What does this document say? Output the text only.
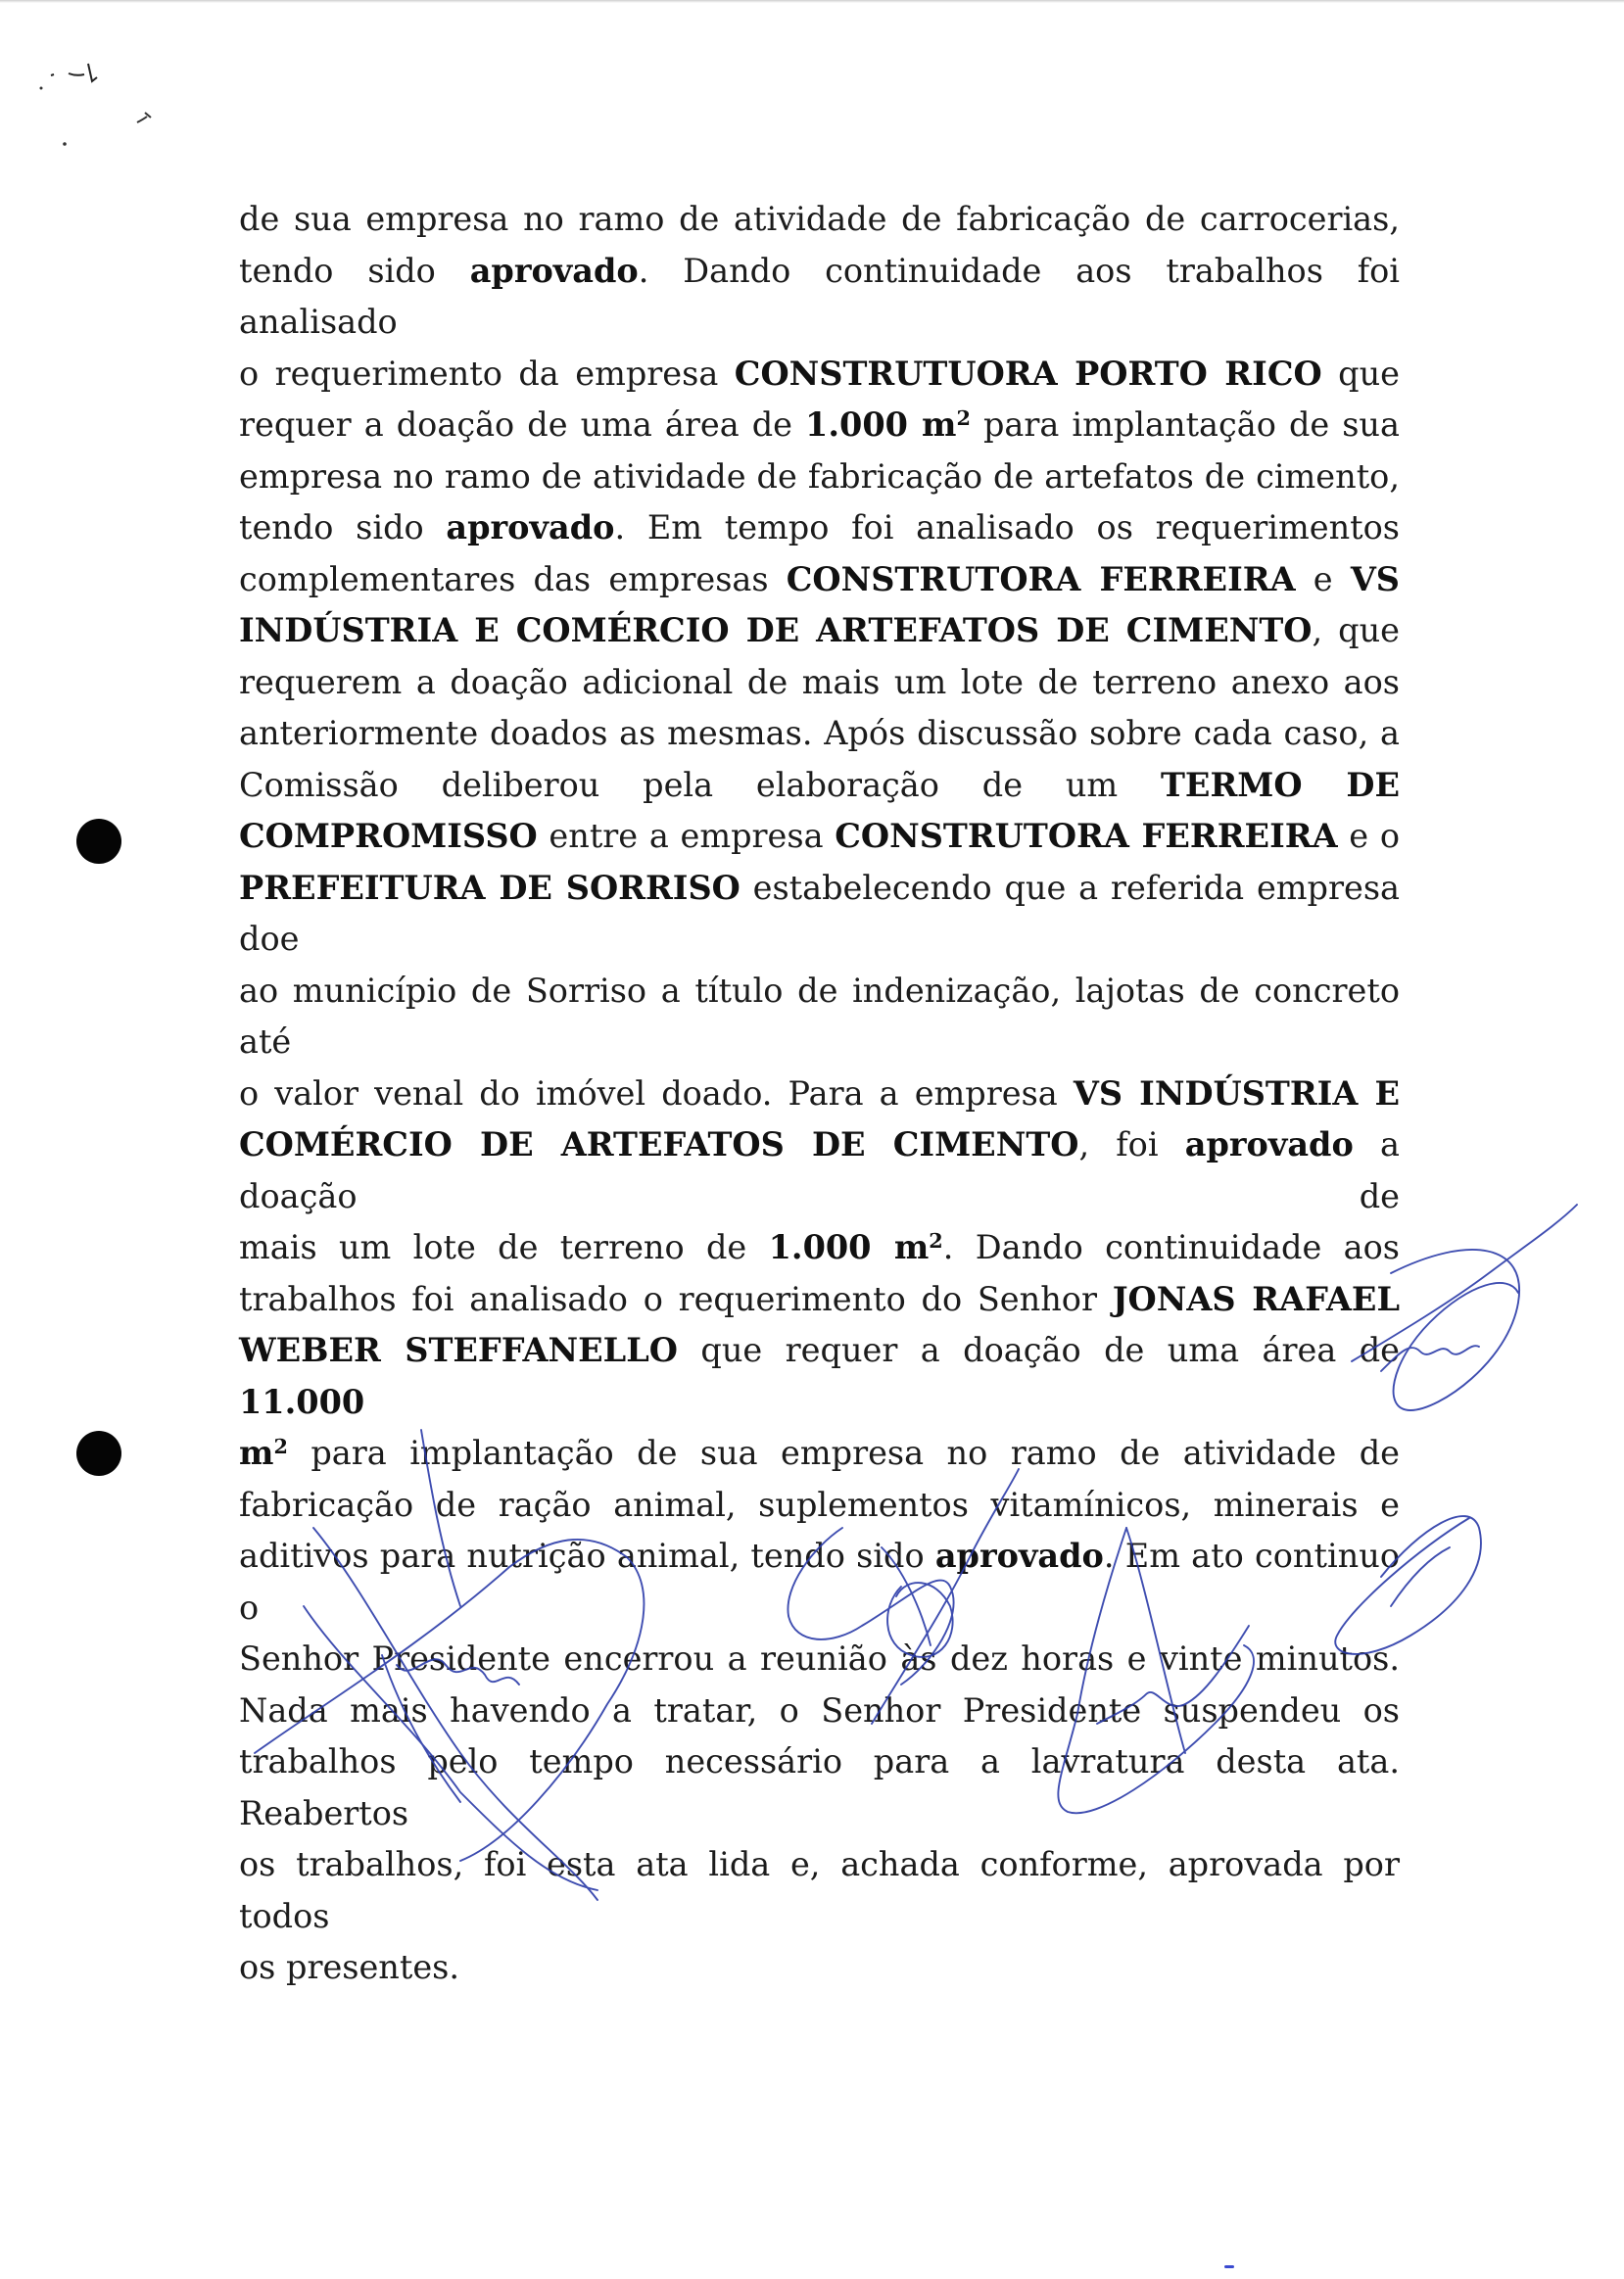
de sua empresa no ramo de atividade de fabricação de carrocerias,
tendo sido aprovado. Dando continuidade aos trabalhos foi analisado
o requerimento da empresa CONSTRUTUORA PORTO RICO que
requer a doação de uma área de 1.000 $m^2$ para implantação de sua
empresa no ramo de atividade de fabricação de artefatos de cimento,
tendo sido aprovado. Em tempo foi analisado os requerimentos
complementares das empresas CONSTRUTORA FERREIRA e VS
INDÚSTRIA E COMÉRCIO DE ARTEFATOS DE CIMENTO, que
requerem a doação adicional de mais um lote de terreno anexo aos
anteriormente doados as mesmas. Após discussão sobre cada caso, a
Comissão deliberou pela elaboração de um TERMO DE
COMPROMISSO entre a empresa CONSTRUTORA FERREIRA e o
PREFEITURA DE SORRISO estabelecendo que a referida empresa doe
ao município de Sorriso a título de indenização, lajotas de concreto até
o valor venal do imóvel doado. Para a empresa VS INDÚSTRIA E
COMÉRCIO DE ARTEFATOS DE CIMENTO, foi aprovado a doação de
mais um lote de terreno de 1.000 $m^2$. Dando continuidade aos
trabalhos foi analisado o requerimento do Senhor JONAS RAFAEL
WEBER STEFFANELLO que requer a doação de uma área de 11.000
$m^2$ para implantação de sua empresa no ramo de atividade de
fabricação de ração animal, suplementos vitamínicos, minerais e
aditivos para nutrição animal, tendo sido aprovado. Em ato continuo o
Senhor Presidente encerrou a reunião às dez horas e vinte minutos.
Nada mais havendo a tratar, o Senhor Presidente suspendeu os
trabalhos pelo tempo necessário para a lavratura desta ata. Reabertos
os trabalhos, foi esta ata lida e, achada conforme, aprovada por todos
os presentes.
